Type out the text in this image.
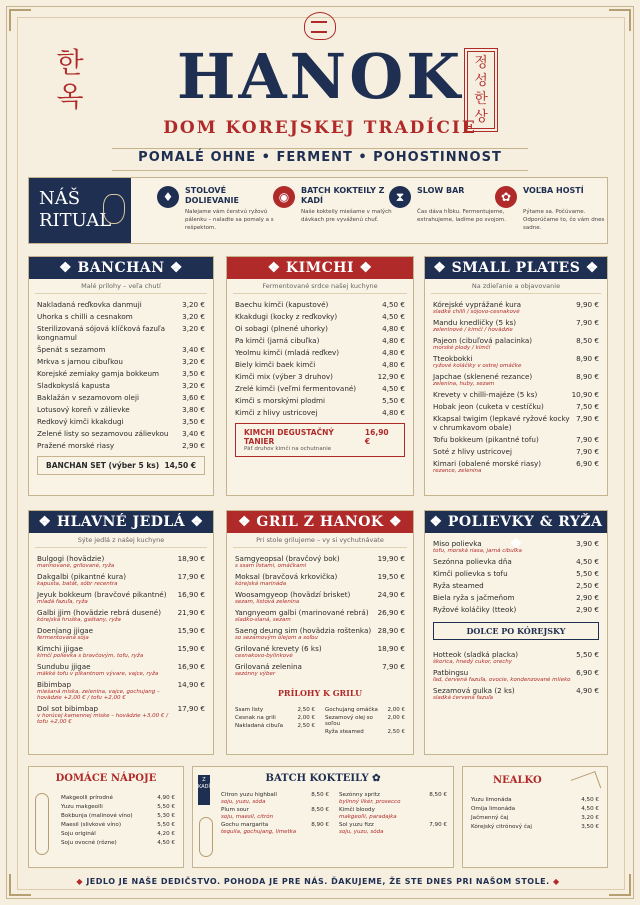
한옥	HANOK 정성한상
DOM KOREJSKEJ TRADÍCIE
POMALÉ OHNE • FERMENT • POHOSTINNOST
NÁŠ
RITUAL
♦	STOLOVÉ DOLIEVANIE
Nalejame vám čerstvú ryžovú pálenku – naladte sa pomaly a s rešpektom.
◉	BATCH KOKTEILY Z KADÍ
Naše kokteily miešame v malých dávkach pre vyváženú chuť.
⧗	SLOW BAR
Čas dáva hĺbku. Fermentujeme, extrahujeme, ladíme po svojom.
✿	VOĽBA HOSTÍ
Pýtame sa. Počúvame. Odporúčame to, čo vám dnes sadne.
❖ BANCHAN ❖
Malé prílohy – veľa chutí
Nakladaná reďkovka danmuji	3,20 €
Uhorka s chilli a cesnakom	3,20 €
Sterilizovaná sójová klíčková fazuľa kongnamul
3,20 €
Špenát s sezamom	3,40 €
Mrkva s jarnou cibuľkou	3,20 €
Korejské zemiaky gamja bokkeum	3,50 €
Sladkokyslá kapusta	3,20 €
Baklažán v sezamovom oleji	3,60 €
Lotusový koreň v zálievke	3,80 €
Redkový kimči kkakdugi	3,50 €
Zelené listy so sezamovou zálievkou	3,40 €
Pražené morské riasy	2,90 €
BANCHAN SET (výber 5 ks) 14,50 €
❖ KIMCHI ❖
Fermentované srdce našej kuchyne
Baechu kimči (kapustové)	4,50 €
Kkakdugi (kocky z reďkovky)	4,50 €
Oi sobagi (plnené uhorky)	4,80 €
Pa kimči (jarná cibuľka)	4,80 €
Yeolmu kimči (mladá reďkev)	4,80 €
Biely kimči baek kimči	4,80 €
Kimči mix (výber 3 druhov)	12,90 €
Zrelé kimči (veľmi fermentované)	4,50 €
Kimči s morskými plodmi	5,50 €
Kimči z hlivy ustricovej	4,80 €
KIMCHI DEGUSTAČNÝ TANIER
16,90 €
Päť druhov kimči na ochutnanie
❖ SMALL PLATES ❖
Na zdieľanie a objavovanie
Kórejské vyprážané kura
sladké chilli / sójovo-cesnakové
9,90 €
Mandu knedličky (5 ks)
zeleninové / kimčí / hovädzie
7,90 €
Pajeon (cibuľová palacinka)
morské plody / kimčí
8,50 €
Tteokbokki
ryžové koláčiky v ostrej omáčke
8,90 €
Japchae (sklenené rezance)
zelenina, huby, sezam
8,90 €
Krevety v chilli-majéze (5 ks)	10,90 €
Hobak jeon (cuketa v cestíčku)	7,50 €
Kkapsal twigim (lepkavé ryžové kocky v chrumkavom obale)
7,90 €
Tofu bokkeum (pikantné tofu)	7,90 €
Soté z hlivy ustricovej	7,90 €
Kimari (obalené morské riasy)
rezance, zelenina
6,90 €
❖ HLAVNÉ JEDLÁ ❖
Sýte jedlá z našej kuchyne
Bulgogi (hovädzie)
marinované, grilované, ryža
18,90 €
Dakgalbi (pikantné kura)
kapusta, batát, sóbr recentra
17,90 €
Jeyuk bokkeum (bravčové pikantné)
mladá fazuľa, ryža
16,90 €
Galbi jjim (hovädzie rebrá dusené)
kórejská hruška, gaštany, ryža
21,90 €
Doenjang jjigae
fermentovaná sója
15,90 €
Kimchi jjigae
kimčí polievka s bravčovým, tofu, ryža
15,90 €
Sundubu jjigae
mäkké tofu v pikantnom vývare, vajce, ryža
16,90 €
Bibimbap
miešaná miska, zelenina, vajce, gochujang – hovädzie +2,00 € / tofu +2,00 €
14,90 €
Dol sot bibimbap
v horúcej kamennej miske – hovädzie +3,00 € / tofu +2,00 €
17,90 €
❖ GRIL Z HANOK ❖
Pri stole grilujeme – vy si vychutnávate
Samgyeopsal (bravčový bok)
s ssam listami, omáčkami
19,90 €
Moksal (bravčová krkovička)
kórejská marináda
19,50 €
Woosamgyeop (hovädzí brisket)
sezam, listová zelenina
24,90 €
Yangnyeom galbi (marinované rebrá)
sladko-slaná, sezam
26,90 €
Saeng deung sim (hovädzia roštenka)
so sezamovým olejom a soľou
28,90 €
Grilované krevety (6 ks)
cesnakovo-bylinkové
18,90 €
Grilovaná zelenina
sezónny výber
7,90 €
PRÍLOHY K GRILU
Ssam listy	2,50 €
Cesnak na grili	2,00 €
Nakladaná cibuľa	2,50 €
Gochujang omáčka	2,00 €
Sezamový olej so soľou
2,00 €
Ryža steamed	2,50 €
❖ POLIEVKY & RYŽA ❖
Miso polievka
tofu, morská riasa, jarná cibuľka
3,90 €
Sezónna polievka dňa	4,50 €
Kimči polievka s tofu	5,50 €
Ryža steamed	2,50 €
Biela ryža s jačmeňom	2,90 €
Ryžové koláčiky (tteok)	2,90 €
DOLCE PO KÓREJSKY
Hotteok (sladká placka)
škorica, hnedý cukor, orechy
5,50 €
Patbingsu
ľad, červená fazuľa, ovocie, kondenzované mlieko
6,90 €
Sezamová gulka (2 ks)
sladká červená fazuľa
4,90 €
DOMÁCE NÁPOJE
Makgeolli prírodné	4,90 €
Yuzu makgeolli	5,50 €
Bokbunja (malinové víno)	5,30 €
Maesil (slivkové víno)	5,50 €
Soju originál	4,20 €
Soju ovocné (rôzne)	4,50 €
Z KADÍ
BATCH KOKTEILY ✿
Citron yuzu highball
soju, yuzu, sóda
8,50 €
Plum sour
soju, maesil, citrón
8,50 €
Gochu margarita
tequila, gochujang, limetka
8,90 €
Sezónny spritz
bylinný likér, prosecco
8,50 €
Kimči bloody
makgeolli, paradajka
Sol yuzu fizz
soju, yuzu, sóda
7,90 €
NEALKO
Yuzu limonáda	4,50 €
Omija limonáda	4,50 €
Jačmenný čaj	3,20 €
Kórejský citrónový čaj	3,50 €
◆ JEDLO JE NAŠE DEDIČSTVO. POHODA JE PRE NÁS. ĎAKUJEME, ŽE STE DNES PRI NAŠOM STOLE. ◆
